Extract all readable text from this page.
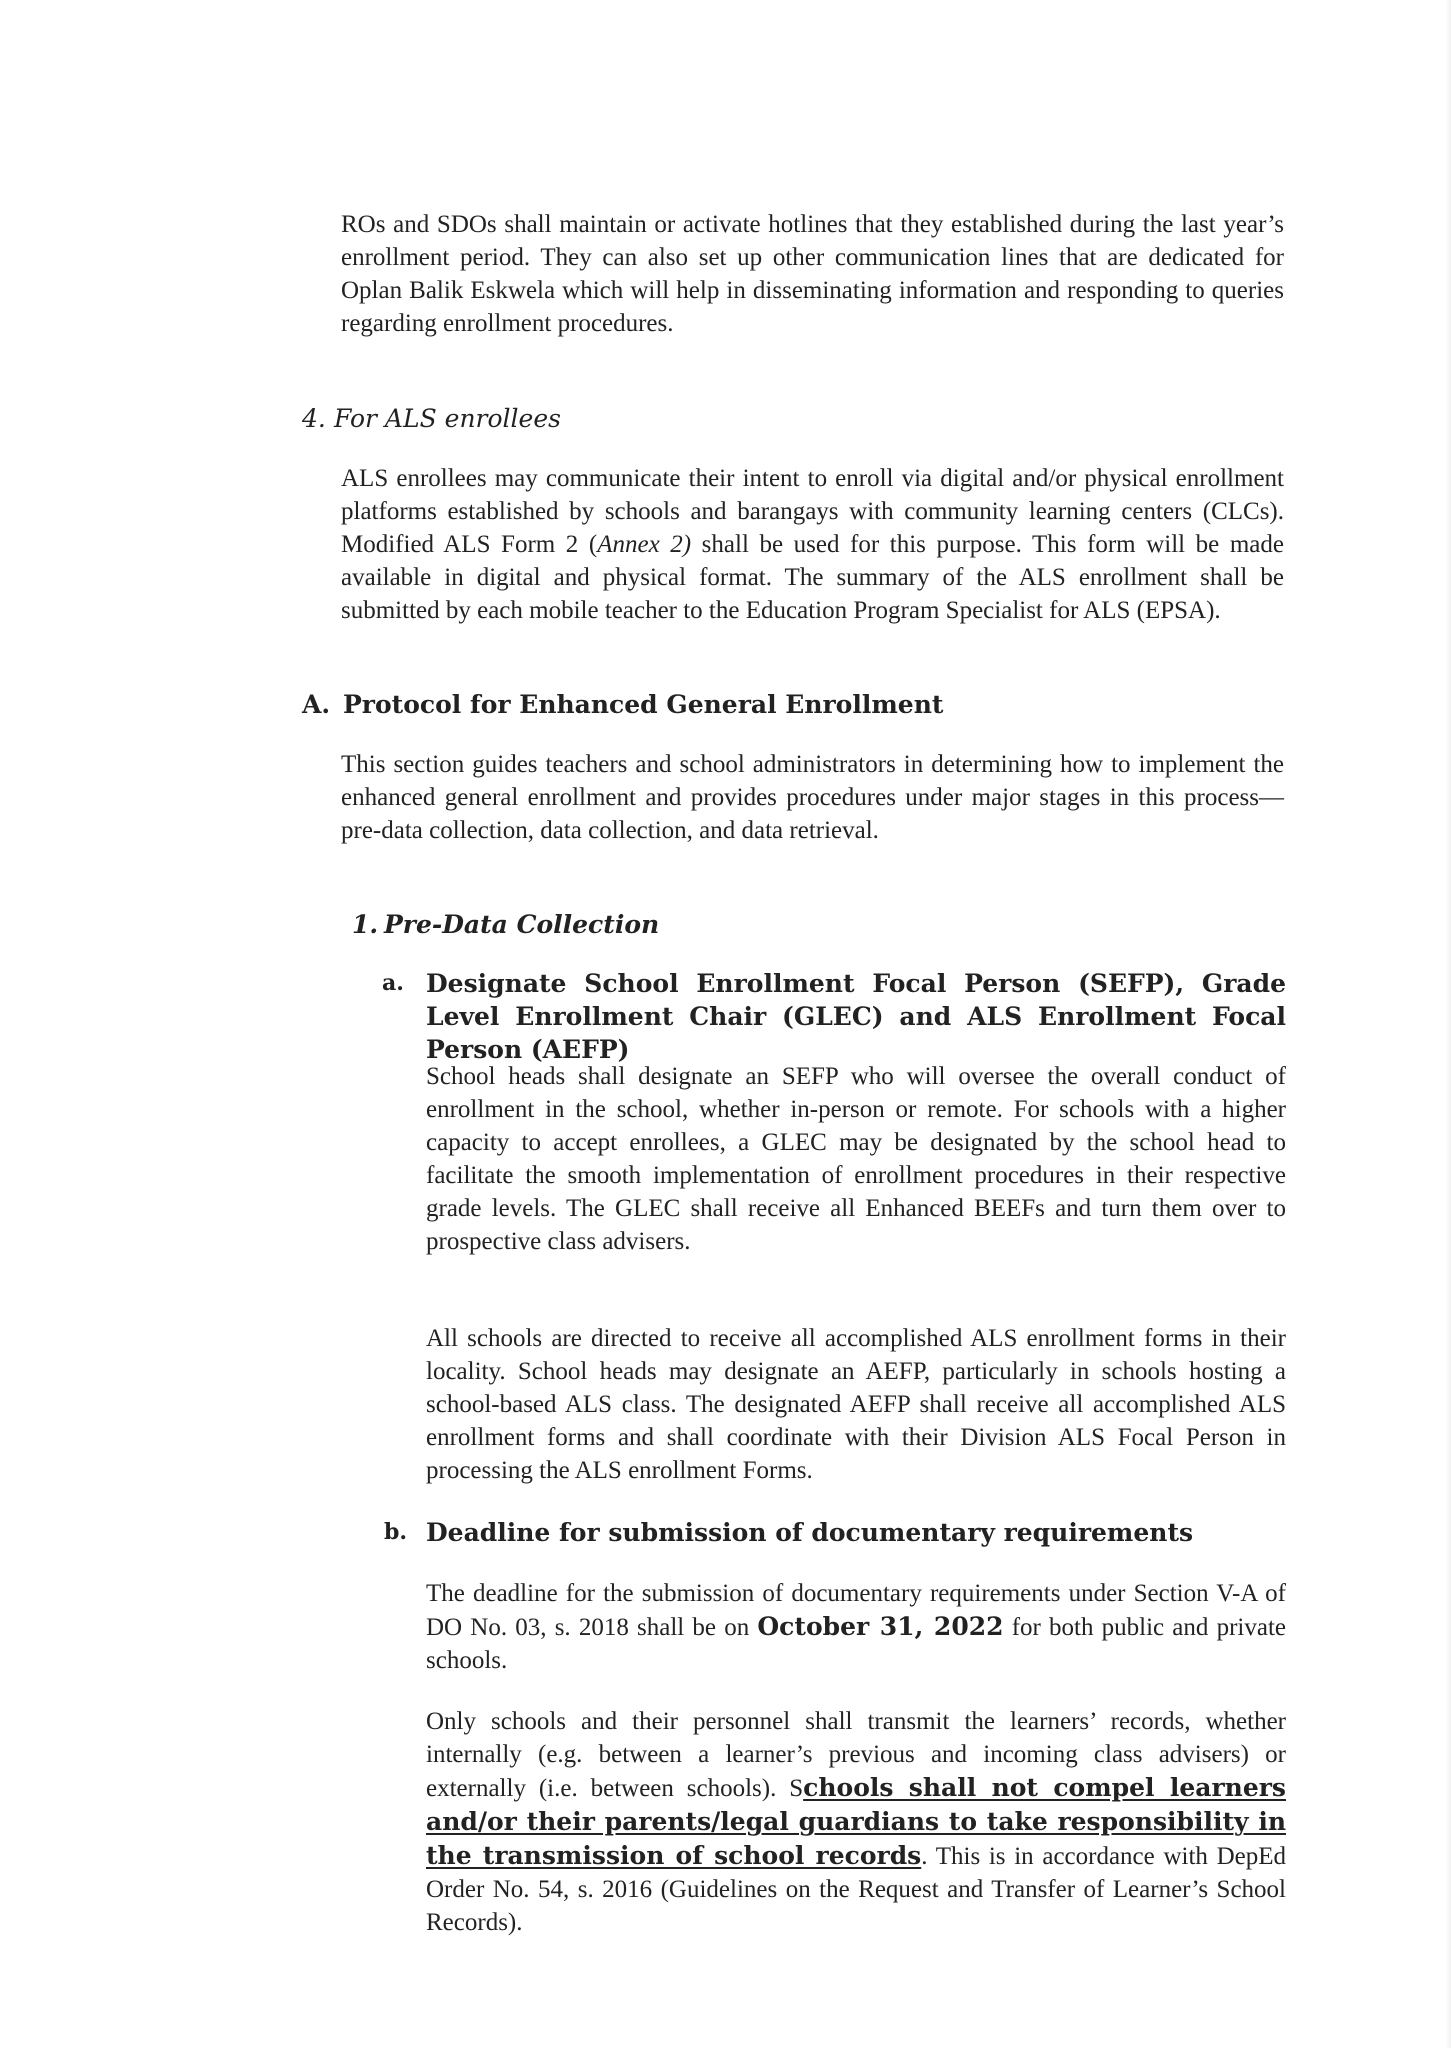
ROs and SDOs shall maintain or activate hotlines that they established during the last year’s enrollment period. They can also set up other communication lines that are dedicated for Oplan Balik Eskwela which will help in disseminating information and responding to queries regarding enrollment procedures.

4. For ALS enrollees

ALS enrollees may communicate their intent to enroll via digital and/or physical enrollment platforms established by schools and barangays with community learning centers (CLCs). Modified ALS Form 2 (Annex 2) shall be used for this purpose. This form will be made available in digital and physical format. The summary of the ALS enrollment shall be submitted by each mobile teacher to the Education Program Specialist for ALS (EPSA).

A. Protocol for Enhanced General Enrollment

This section guides teachers and school administrators in determining how to implement the enhanced general enrollment and provides procedures under major stages in this process—pre-data collection, data collection, and data retrieval.

1. Pre-Data Collection
a. Designate School Enrollment Focal Person (SEFP), Grade Level Enrollment Chair (GLEC) and ALS Enrollment Focal Person (AEFP)

School heads shall designate an SEFP who will oversee the overall conduct of enrollment in the school, whether in-person or remote. For schools with a higher capacity to accept enrollees, a GLEC may be designated by the school head to facilitate the smooth implementation of enrollment procedures in their respective grade levels. The GLEC shall receive all Enhanced BEEFs and turn them over to prospective class advisers.

All schools are directed to receive all accomplished ALS enrollment forms in their locality. School heads may designate an AEFP, particularly in schools hosting a school-based ALS class. The designated AEFP shall receive all accomplished ALS enrollment forms and shall coordinate with their Division ALS Focal Person in processing the ALS enrollment Forms.

b. Deadline for submission of documentary requirements

The deadline for the submission of documentary requirements under Section V-A of DO No. 03, s. 2018 shall be on October 31, 2022 for both public and private schools.

Only schools and their personnel shall transmit the learners’ records, whether internally (e.g. between a learner’s previous and incoming class advisers) or externally (i.e. between schools). Schools shall not compel learners and/or their parents/legal guardians to take responsibility in the transmission of school records. This is in accordance with DepEd Order No. 54, s. 2016 (Guidelines on the Request and Transfer of Learner’s School Records).
